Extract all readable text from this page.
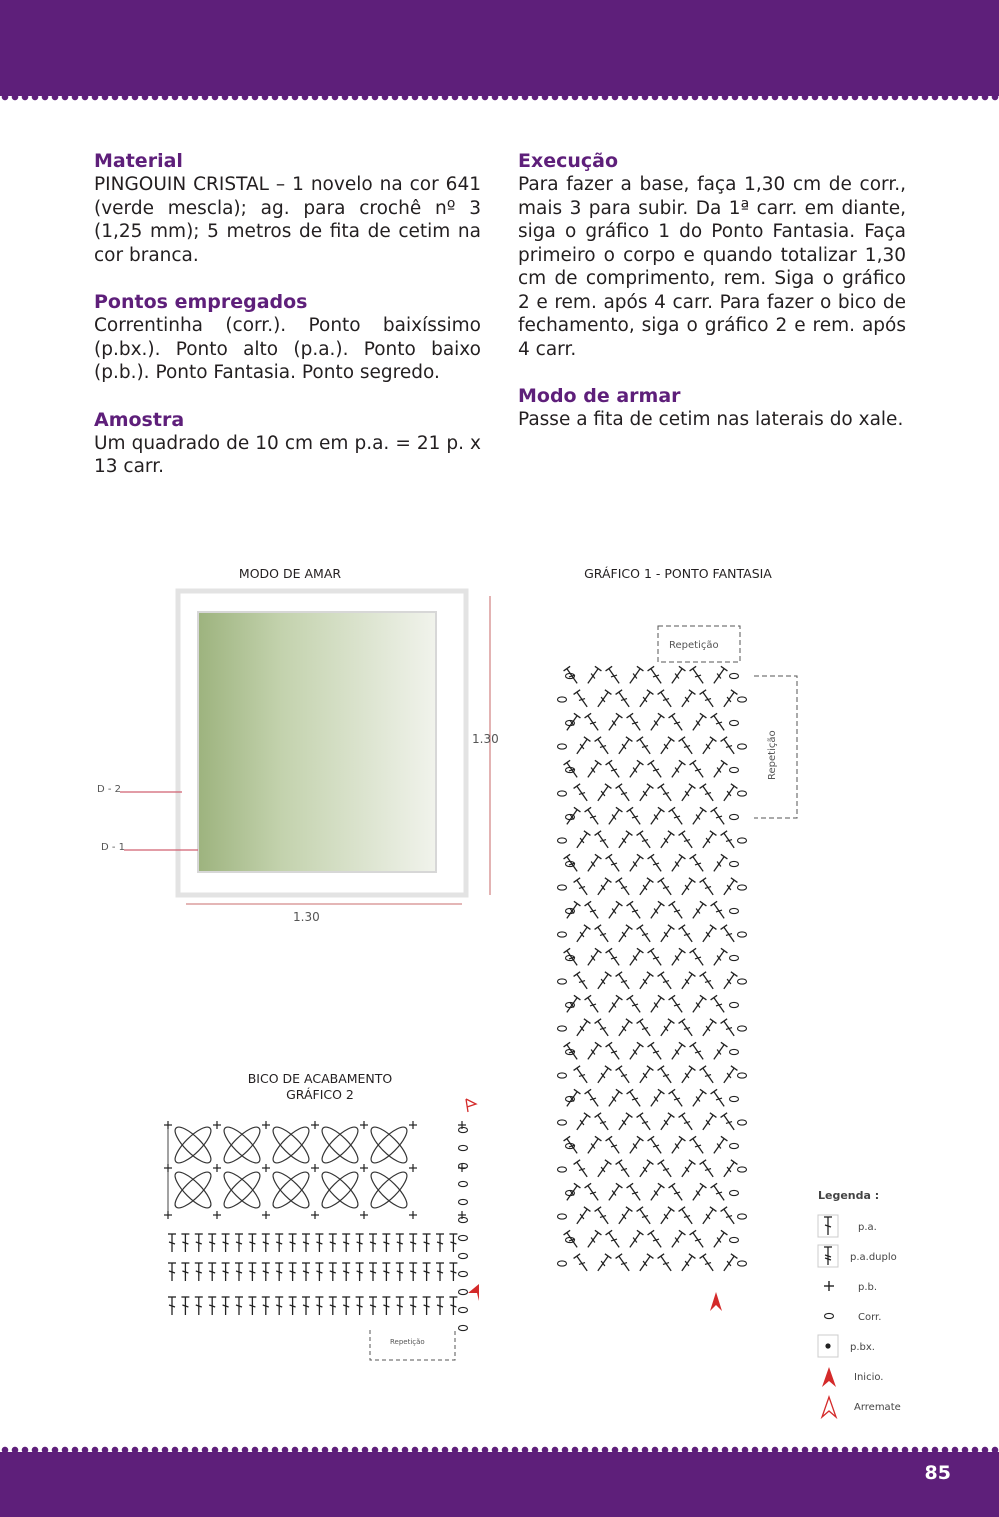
Material

PINGOUIN CRISTAL – 1 novelo na cor 641 (verde mescla); ag. para crochê nº 3 (1,25 mm); 5 metros de fita de cetim na cor branca.

Pontos empregados

Correntinha (corr.). Ponto baixíssimo (p.bx.). Ponto alto (p.a.). Ponto baixo (p.b.). Ponto Fantasia. Ponto segredo.

Amostra

Um quadrado de 10 cm em p.a. = 21 p. x 13 carr.

Execução

Para fazer a base, faça 1,30 cm de corr., mais 3 para subir. Da 1ª carr. em diante, siga o gráfico 1 do Ponto Fantasia. Faça primeiro o corpo e quando totalizar 1,30 cm de comprimento, rem. Siga o gráfico 2 e rem. após 4 carr. Para fazer o bico de fechamento, siga o gráfico 2 e rem. após 4 carr.

Modo de armar

Passe a fita de cetim nas laterais do xale.

MODO DE AMAR	GRÁFICO 1 - PONTO FANTASIA
BICO DE ACABAMENTO
GRÁFICO 2
1.30
1.30
D - 2
D - 1
Repetição
Repetição
Repetição
Legenda :
p.a.
p.a.duplo
p.b.
Corr.
p.bx.
Inicio.
Arremate
85
